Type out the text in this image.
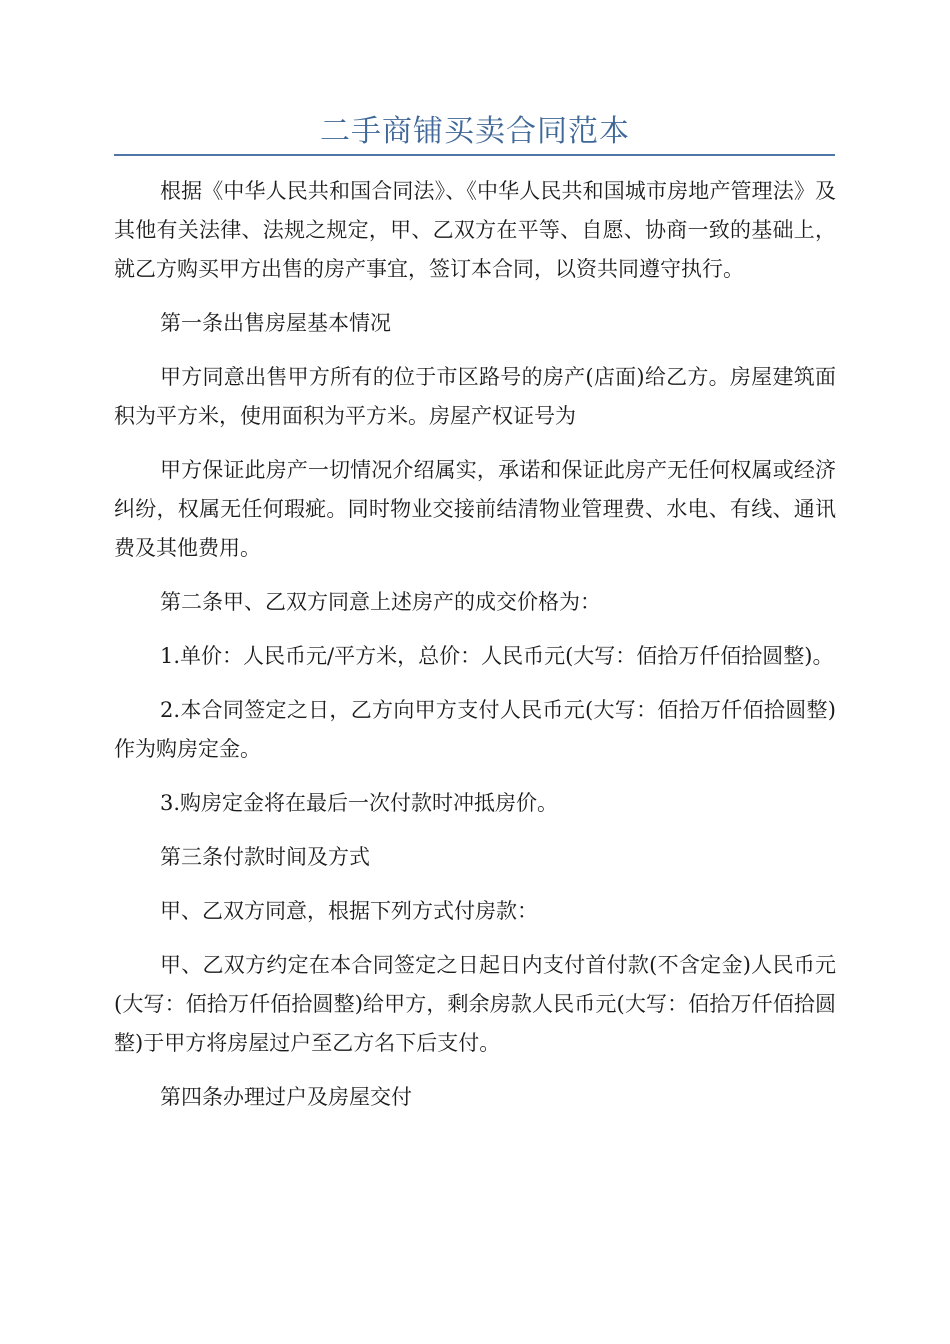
二手商铺买卖合同范本

根据《中华人民共和国合同法》、《中华人民共和国城市房地产管理法》及其他有关法律、法规之规定，甲、乙双方在平等、自愿、协商一致的基础上，就乙方购买甲方出售的房产事宜，签订本合同，以资共同遵守执行。

第一条出售房屋基本情况

甲方同意出售甲方所有的位于市区路号的房产(店面)给乙方。房屋建筑面积为平方米，使用面积为平方米。房屋产权证号为

甲方保证此房产一切情况介绍属实，承诺和保证此房产无任何权属或经济纠纷，权属无任何瑕疵。同时物业交接前结清物业管理费、水电、有线、通讯费及其他费用。

第二条甲、乙双方同意上述房产的成交价格为：

1.单价：人民币元/平方米，总价：人民币元(大写：佰拾万仟佰拾圆整)。

2.本合同签定之日，乙方向甲方支付人民币元(大写：佰拾万仟佰拾圆整)作为购房定金。

3.购房定金将在最后一次付款时冲抵房价。

第三条付款时间及方式

甲、乙双方同意，根据下列方式付房款：

甲、乙双方约定在本合同签定之日起日内支付首付款(不含定金)人民币元(大写：佰拾万仟佰拾圆整)给甲方，剩余房款人民币元(大写：佰拾万仟佰拾圆整)于甲方将房屋过户至乙方名下后支付。

第四条办理过户及房屋交付
